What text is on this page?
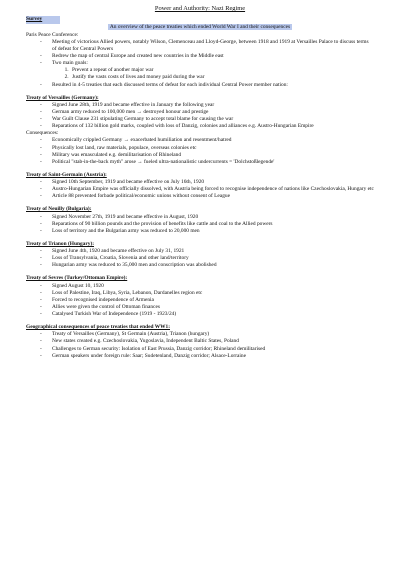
Power and Authority: Nazi Regime
Survey
An overview of the peace treaties which ended World War I and their consequences
Paris Peace Conference:
- Meeting of victorious Allied powers, notably Wilson, Clemenceau and Lloyd-George, between 1918 and 1919 at Versailles Palace to discuss terms of defeat for Central Powers
- Redrew the map of central Europe and created new countries in the Middle east
- Two main goals:
1. Prevent a repeat of another major war
2. Justify the vasts costs of lives and money paid during the war
- Resulted in 4-5 treaties that each discussed terms of defeat for each individual Central Power member nation:
Treaty of Versailles (Germany):
- Signed June 28th, 1919 and became effective in January the following year
- German army reduced to 100,000 men → destroyed honour and prestige
- War Guilt Clause 231 stipulating Germany to accept total blame for causing the war
- Reparations of 132 billion gold marks, coupled with loss of Danzig, colonies and alliances e.g. Austro-Hungarian Empire
Consequences:
- Economically crippled Germany → exacerbated humiliation and resentment/hatred
- Physically lost land, raw materials, populace, overseas colonies etc
- Military was emasculated e.g. demilitarisation of Rhineland
- Political "stab-in-the-back myth" arose → fueled ultra-nationalistic undercurrents = 'Dolchstoßlegende'
Treaty of Saint-Germain (Austria):
- Signed 10th September, 1919 and became effective on July 16th, 1920
- Austro-Hungarian Empire was officially dissolved, with Austria being forced to recognise independence of nations like Czechoslovakia, Hungary etc
- Article 88 prevented forbade political/economic unions without consent of League
Treaty of Neuilly (Bulgaria):
- Signed November 27th, 1919 and became effective in August, 1920
- Reparations of 90 billion pounds and the provision of benefits like cattle and coal to the Allied powers
- Loss of territory and the Bulgarian army was reduced to 20,000 men
Treaty of Trianon (Hungary):
- Signed June 4th, 1920 and became effective on July 31, 1921
- Loss of Transylvania, Croatia, Slovenia and other land/territory
- Hungarian army was reduced to 35,000 men and conscription was abolished
Treaty of Sevres (Turkey/Ottoman Empire):
- Signed August 10, 1920
- Loss of Palestine, Iraq, Libya, Syria, Lebanon, Dardanelles region etc
- Forced to recognised independence of Armenia
- Allies were given the control of Ottoman finances
- Catalysed Turkish War of Independence (1919 - 1923/24)
Geographical consequences of peace treaties that ended WW1:
- Treaty of Versailles (Germany), St Germain (Austria), Trianon (hungary)
- New states created e.g. Czechoslovakia, Yugoslavia, Independent Baltic States, Poland
- Challenges to German security: Isolation of East Prussia, Danzig corridor; Rhineland demilitarised
- German speakers under foreign rule: Saar; Sudetenland, Danzig corridor; Alsace-Lorraine
